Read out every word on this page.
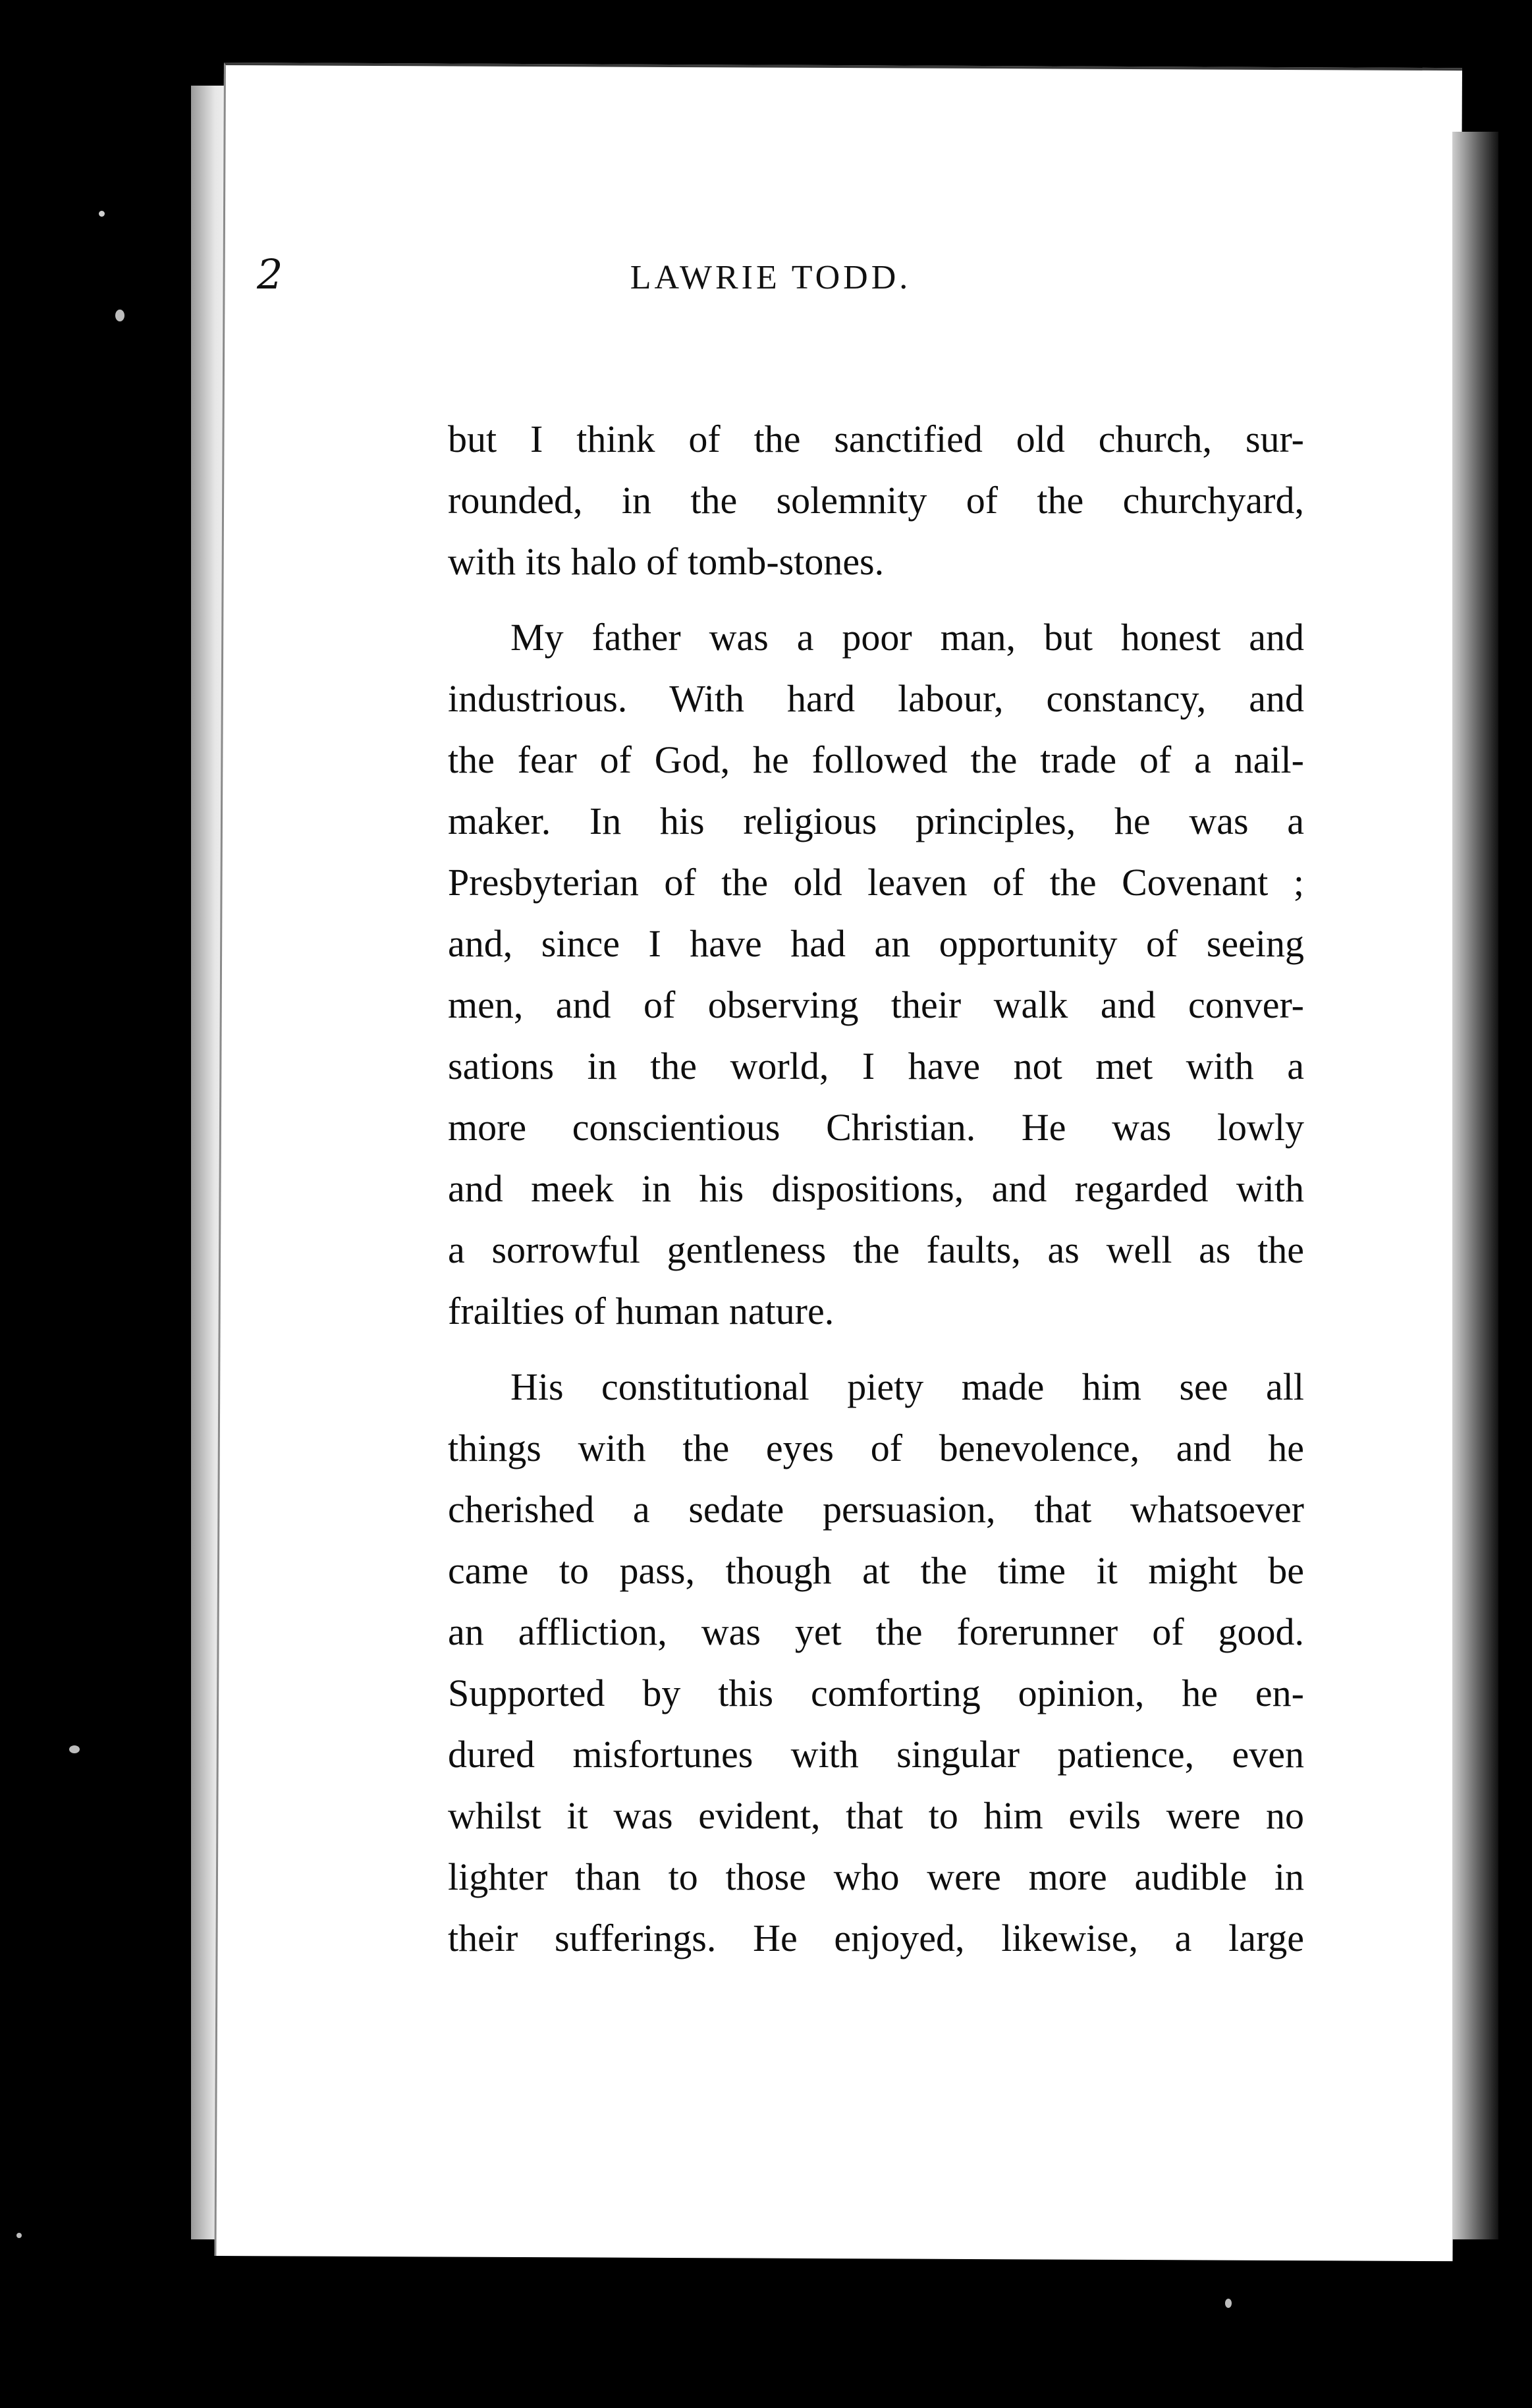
2	LAWRIE TODD.
but I think of the sanctified old church, sur-
rounded, in the solemnity of the churchyard,
with its halo of tomb-stones.
My father was a poor man, but honest and
industrious. With hard labour, constancy, and
the fear of God, he followed the trade of a nail-
maker. In his religious principles, he was a
Presbyterian of the old leaven of the Covenant ;
and, since I have had an opportunity of seeing
men, and of observing their walk and conver-
sations in the world, I have not met with a
more conscientious Christian. He was lowly
and meek in his dispositions, and regarded with
a sorrowful gentleness the faults, as well as the
frailties of human nature.
His constitutional piety made him see all
things with the eyes of benevolence, and he
cherished a sedate persuasion, that whatsoever
came to pass, though at the time it might be
an affliction, was yet the forerunner of good.
Supported by this comforting opinion, he en-
dured misfortunes with singular patience, even
whilst it was evident, that to him evils were no
lighter than to those who were more audible in
their sufferings. He enjoyed, likewise, a large
